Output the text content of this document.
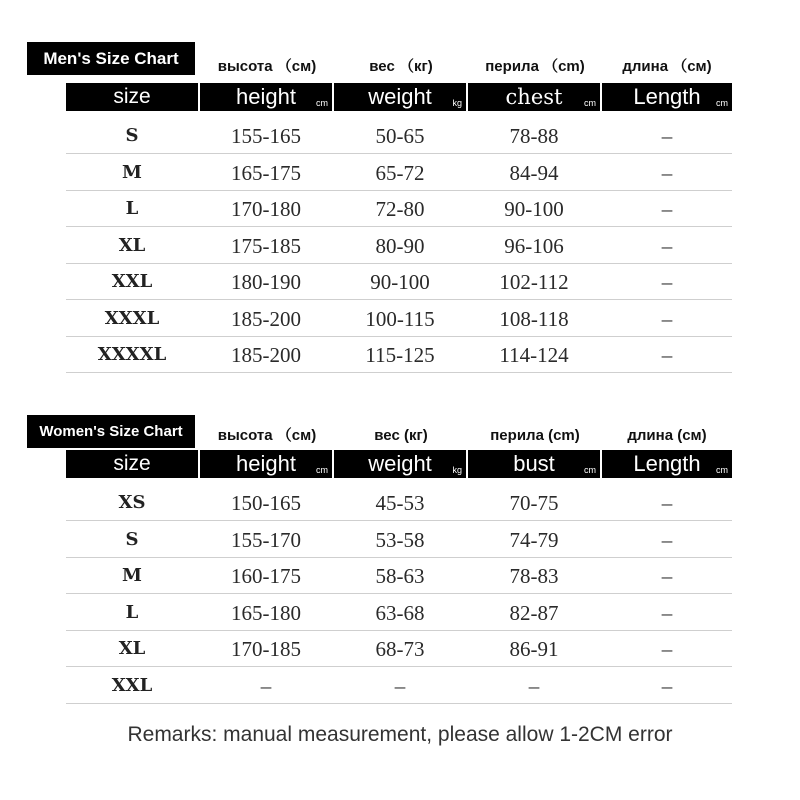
Men's Size Chart	высота （см)	вес （кг)	перила （cm)	длина （см)
size	height	cm	weight	kg	chest	cm	Length	cm
S	155-165	50-65	78-88	–
M	165-175	65-72	84-94	–
L	170-180	72-80	90-100	–
XL	175-185	80-90	96-106	–
XXL	180-190	90-100	102-112	–
XXXL	185-200	100-115	108-118	–
XXXXL	185-200	115-125	114-124	–
Women's Size Chart	высота （см)	вес (кг)	перила (cm)	длина (см)
size	height	cm	weight	kg	bust	cm	Length	cm
XS	150-165	45-53	70-75	–
S	155-170	53-58	74-79	–
M	160-175	58-63	78-83	–
L	165-180	63-68	82-87	–
XL	170-185	68-73	86-91	–
XXL	–	–	–	–
Remarks: manual measurement, please allow 1-2CM error
